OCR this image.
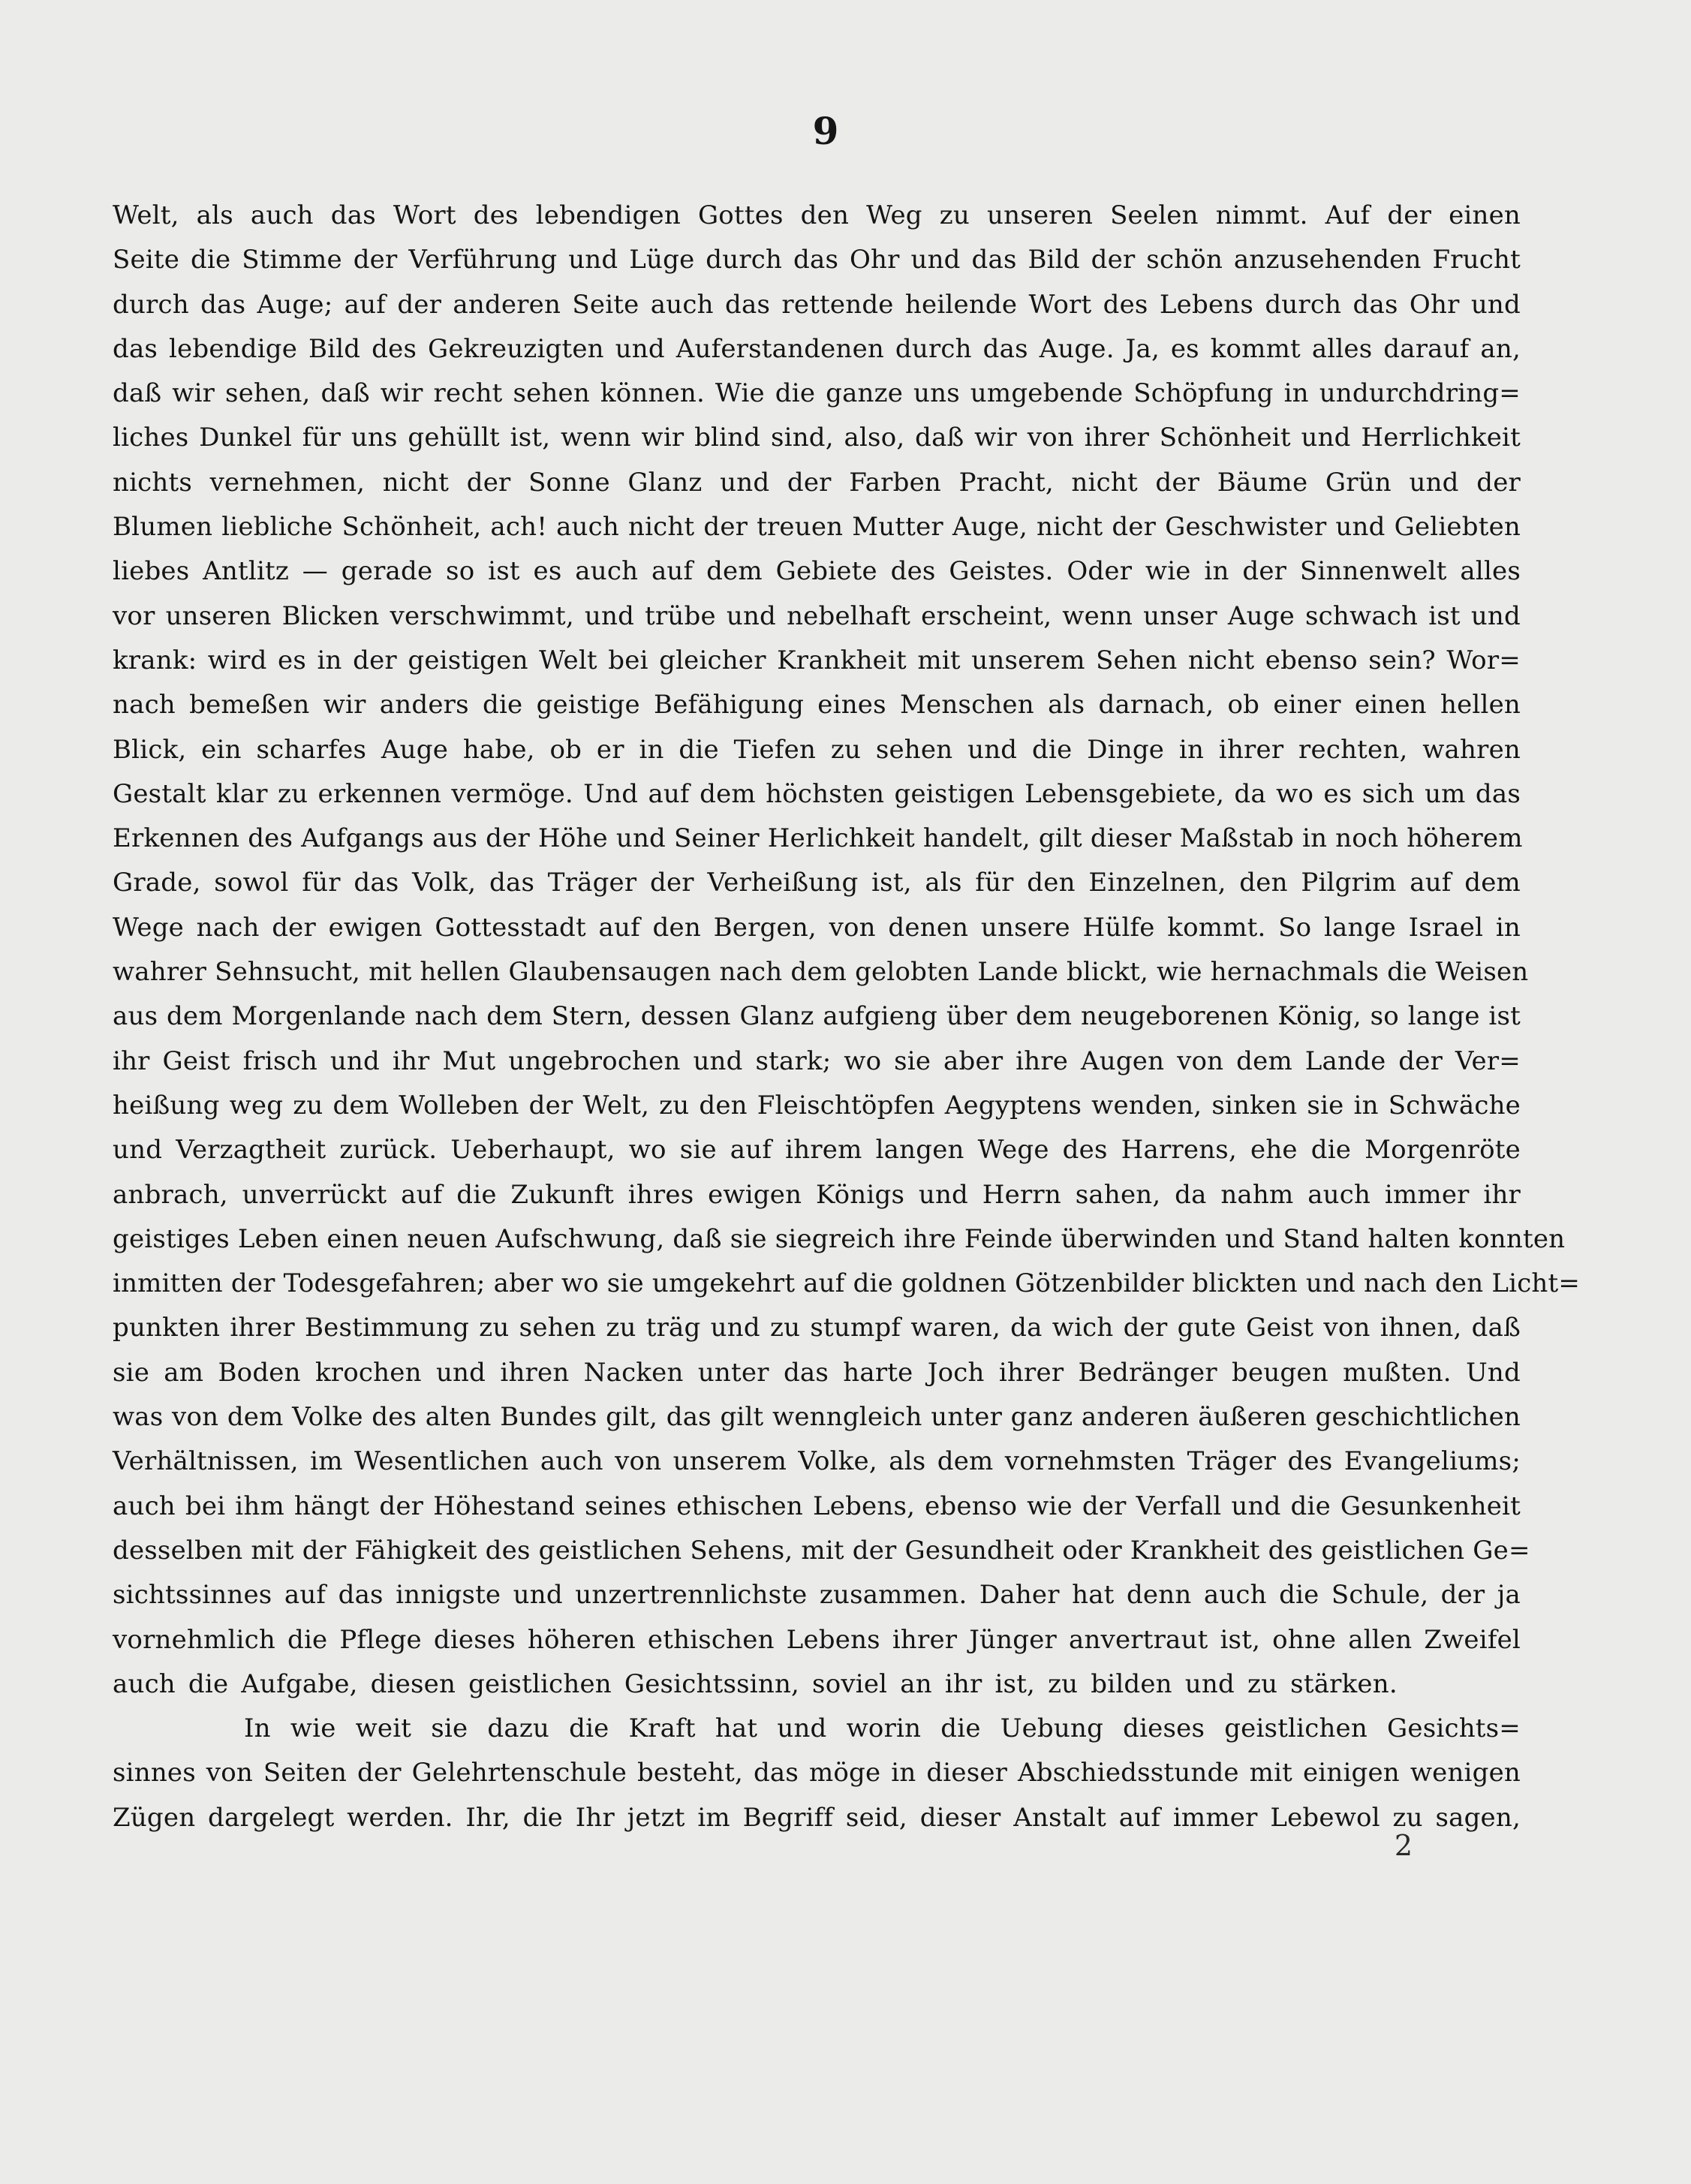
9
Welt, als auch das Wort des lebendigen Gottes den Weg zu unseren Seelen nimmt. Auf der einen
Seite die Stimme der Verführung und Lüge durch das Ohr und das Bild der schön anzusehenden Frucht
durch das Auge; auf der anderen Seite auch das rettende heilende Wort des Lebens durch das Ohr und
das lebendige Bild des Gekreuzigten und Auferstandenen durch das Auge. Ja, es kommt alles darauf an,
daß wir sehen, daß wir recht sehen können. Wie die ganze uns umgebende Schöpfung in undurchdring=
liches Dunkel für uns gehüllt ist, wenn wir blind sind, also, daß wir von ihrer Schönheit und Herrlichkeit
nichts vernehmen, nicht der Sonne Glanz und der Farben Pracht, nicht der Bäume Grün und der
Blumen liebliche Schönheit, ach! auch nicht der treuen Mutter Auge, nicht der Geschwister und Geliebten
liebes Antlitz — gerade so ist es auch auf dem Gebiete des Geistes. Oder wie in der Sinnenwelt alles
vor unseren Blicken verschwimmt, und trübe und nebelhaft erscheint, wenn unser Auge schwach ist und
krank: wird es in der geistigen Welt bei gleicher Krankheit mit unserem Sehen nicht ebenso sein? Wor=
nach bemeßen wir anders die geistige Befähigung eines Menschen als darnach, ob einer einen hellen
Blick, ein scharfes Auge habe, ob er in die Tiefen zu sehen und die Dinge in ihrer rechten, wahren
Gestalt klar zu erkennen vermöge. Und auf dem höchsten geistigen Lebensgebiete, da wo es sich um das
Erkennen des Aufgangs aus der Höhe und Seiner Herlichkeit handelt, gilt dieser Maßstab in noch höherem
Grade, sowol für das Volk, das Träger der Verheißung ist, als für den Einzelnen, den Pilgrim auf dem
Wege nach der ewigen Gottesstadt auf den Bergen, von denen unsere Hülfe kommt. So lange Israel in
wahrer Sehnsucht, mit hellen Glaubensaugen nach dem gelobten Lande blickt, wie hernachmals die Weisen
aus dem Morgenlande nach dem Stern, dessen Glanz aufgieng über dem neugeborenen König, so lange ist
ihr Geist frisch und ihr Mut ungebrochen und stark; wo sie aber ihre Augen von dem Lande der Ver=
heißung weg zu dem Wolleben der Welt, zu den Fleischtöpfen Aegyptens wenden, sinken sie in Schwäche
und Verzagtheit zurück. Ueberhaupt, wo sie auf ihrem langen Wege des Harrens, ehe die Morgenröte
anbrach, unverrückt auf die Zukunft ihres ewigen Königs und Herrn sahen, da nahm auch immer ihr
geistiges Leben einen neuen Aufschwung, daß sie siegreich ihre Feinde überwinden und Stand halten konnten
inmitten der Todesgefahren; aber wo sie umgekehrt auf die goldnen Götzenbilder blickten und nach den Licht=
punkten ihrer Bestimmung zu sehen zu träg und zu stumpf waren, da wich der gute Geist von ihnen, daß
sie am Boden krochen und ihren Nacken unter das harte Joch ihrer Bedränger beugen mußten. Und
was von dem Volke des alten Bundes gilt, das gilt wenngleich unter ganz anderen äußeren geschichtlichen
Verhältnissen, im Wesentlichen auch von unserem Volke, als dem vornehmsten Träger des Evangeliums;
auch bei ihm hängt der Höhestand seines ethischen Lebens, ebenso wie der Verfall und die Gesunkenheit
desselben mit der Fähigkeit des geistlichen Sehens, mit der Gesundheit oder Krankheit des geistlichen Ge=
sichtssinnes auf das innigste und unzertrennlichste zusammen. Daher hat denn auch die Schule, der ja
vornehmlich die Pflege dieses höheren ethischen Lebens ihrer Jünger anvertraut ist, ohne allen Zweifel
auch die Aufgabe, diesen geistlichen Gesichtssinn, soviel an ihr ist, zu bilden und zu stärken.
In wie weit sie dazu die Kraft hat und worin die Uebung dieses geistlichen Gesichts=
sinnes von Seiten der Gelehrtenschule besteht, das möge in dieser Abschiedsstunde mit einigen wenigen
Zügen dargelegt werden. Ihr, die Ihr jetzt im Begriff seid, dieser Anstalt auf immer Lebewol zu sagen,
2
